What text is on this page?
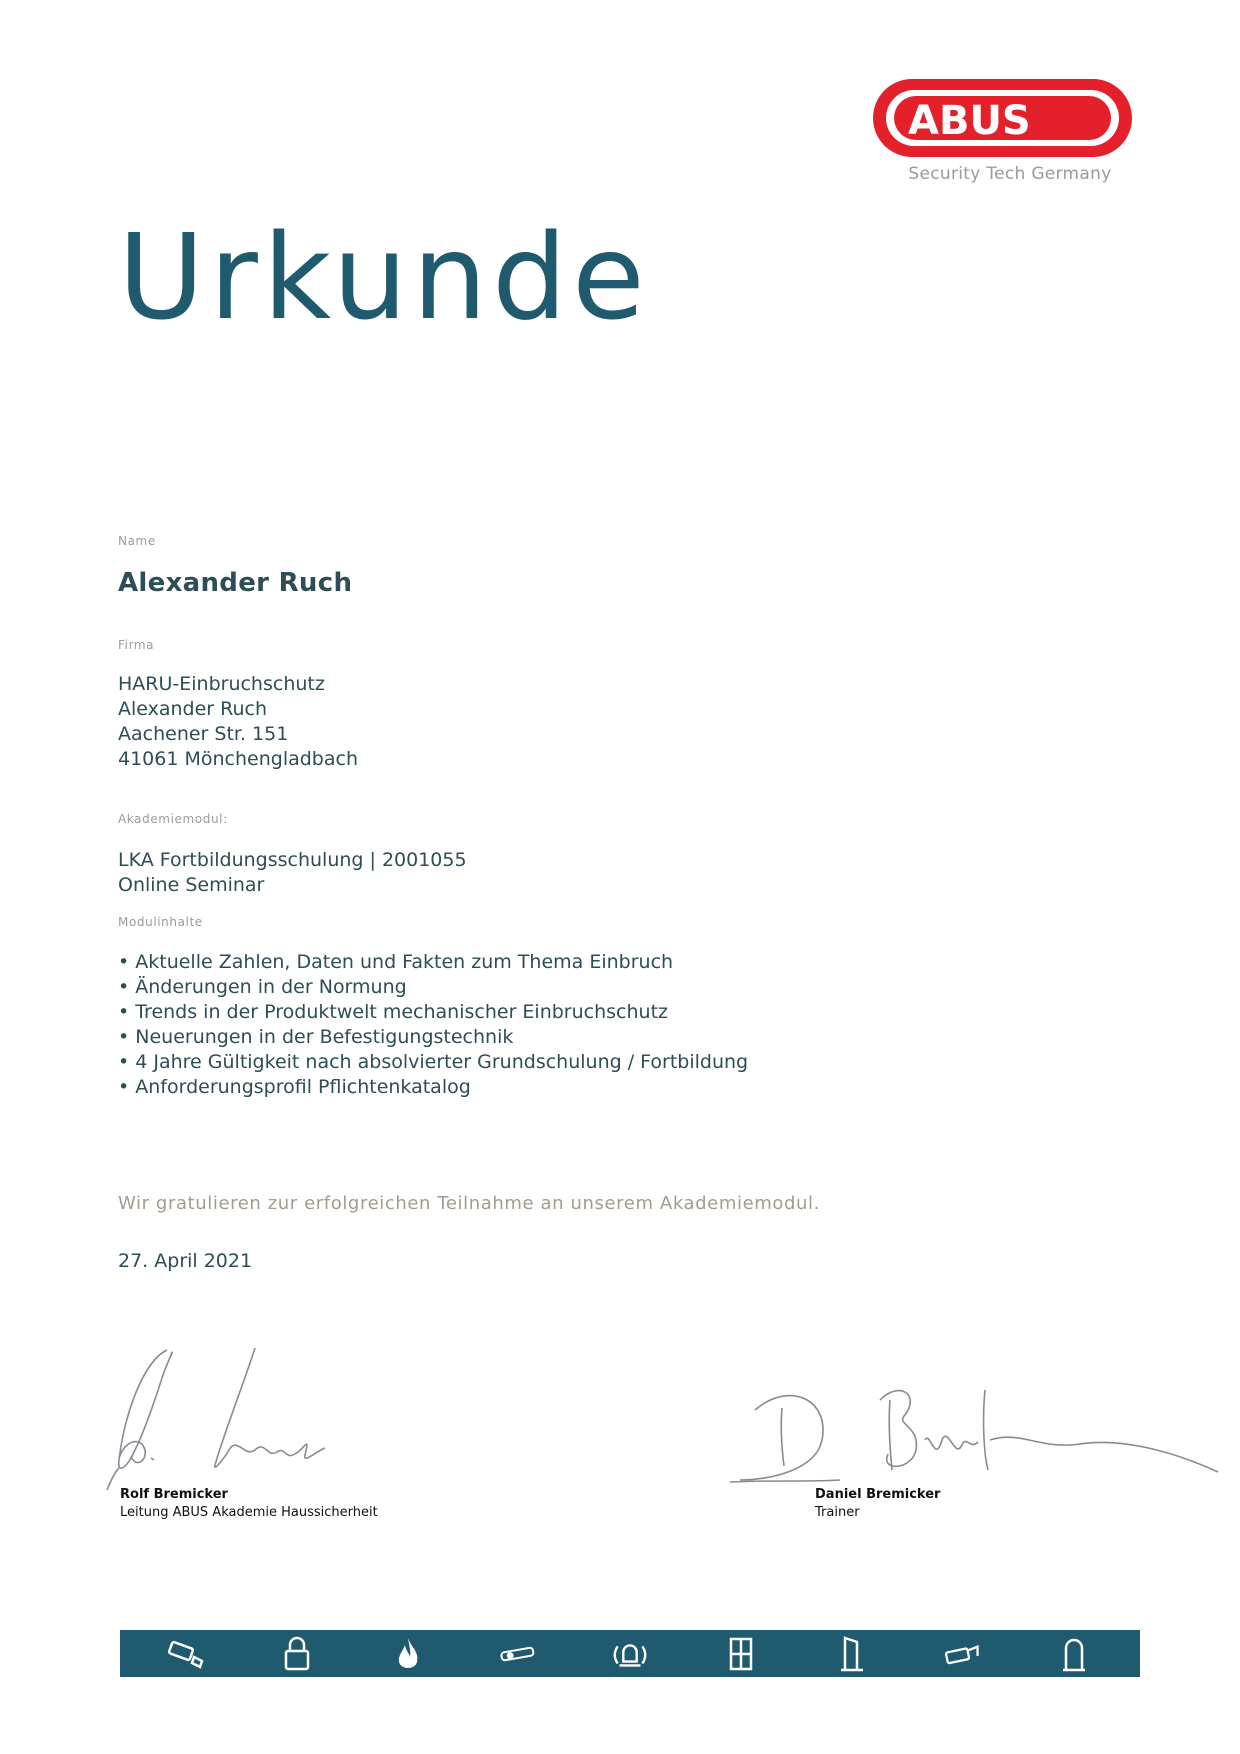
ABUS
Security Tech Germany
Urkunde
Name
Alexander Ruch
Firma
HARU-Einbruchschutz
Alexander Ruch
Aachener Str. 151
41061 Mönchengladbach
Akademiemodul:
LKA Fortbildungsschulung | 2001055
Online Seminar
Modulinhalte
• Aktuelle Zahlen, Daten und Fakten zum Thema Einbruch
• Änderungen in der Normung
• Trends in der Produktwelt mechanischer Einbruchschutz
• Neuerungen in der Befestigungstechnik
• 4 Jahre Gültigkeit nach absolvierter Grundschulung / Fortbildung
• Anforderungsprofil Pflichtenkatalog
Wir gratulieren zur erfolgreichen Teilnahme an unserem Akademiemodul.
27. April 2021
Rolf Bremicker
Leitung ABUS Akademie Haussicherheit
Daniel Bremicker
Trainer
